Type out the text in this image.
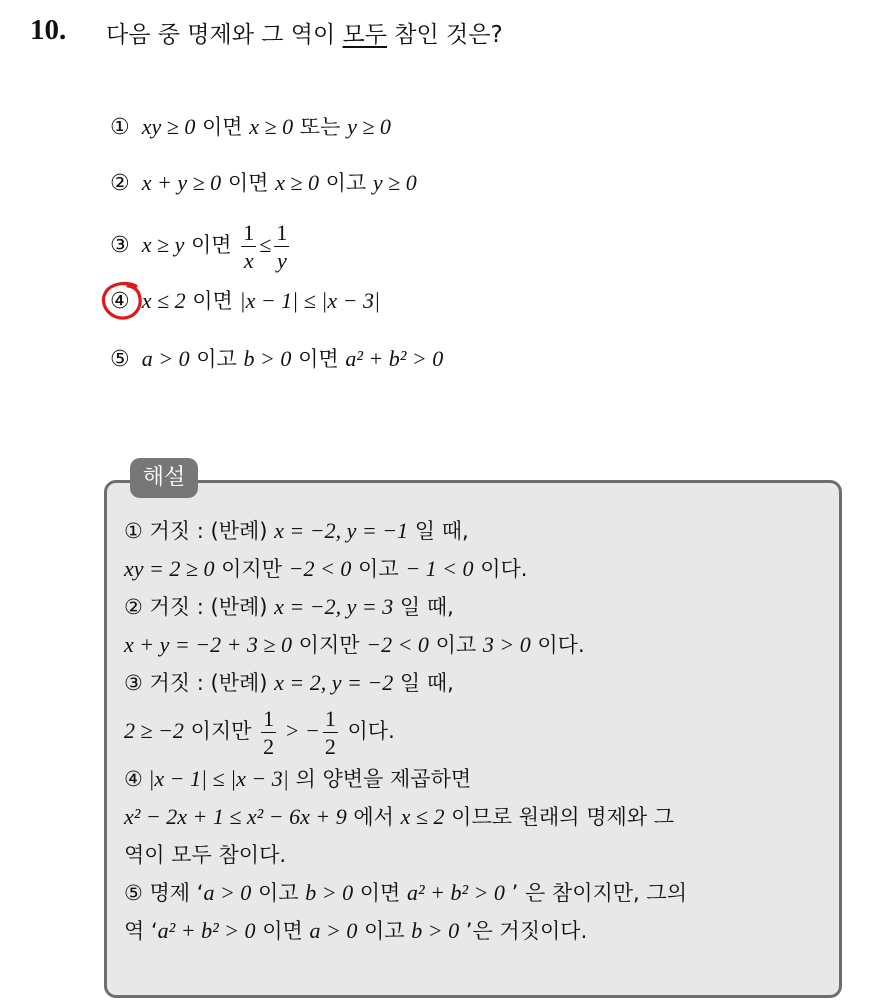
10. 다음 중 명제와 그 역이 모두 참인 것은?
① xy ≥ 0 이면 x ≥ 0 또는 y ≥ 0
② x + y ≥ 0 이면 x ≥ 0 이고 y ≥ 0
③ x ≥ y 이면 $\frac{1}{x} \le \frac{1}{y}$
④ x ≤ 2 이면 |x − 1| ≤ |x − 3|
⑤ a > 0 이고 b > 0 이면 a² + b² > 0
해설
① 거짓 : (반례) x = −2, y = −1 일 때,
xy = 2 ≥ 0 이지만 −2 < 0 이고 − 1 < 0 이다.
② 거짓 : (반례) x = −2, y = 3 일 때,
x + y = −2 + 3 ≥ 0 이지만 −2 < 0 이고 3 > 0 이다.
③ 거짓 : (반례) x = 2, y = −2 일 때,
2 ≥ −2 이지만 $\frac{1}{2}$ > − $\frac{1}{2}$ 이다.
④ |x − 1| ≤ |x − 3| 의 양변을 제곱하면
x² − 2x + 1 ≤ x² − 6x + 9 에서 x ≤ 2 이므로 원래의 명제와 그
역이 모두 참이다.
⑤ 명제 ‘a > 0 이고 b > 0 이면 a² + b² > 0 ’ 은 참이지만, 그의
역 ‘a² + b² > 0 이면 a > 0 이고 b > 0 ’은 거짓이다.
